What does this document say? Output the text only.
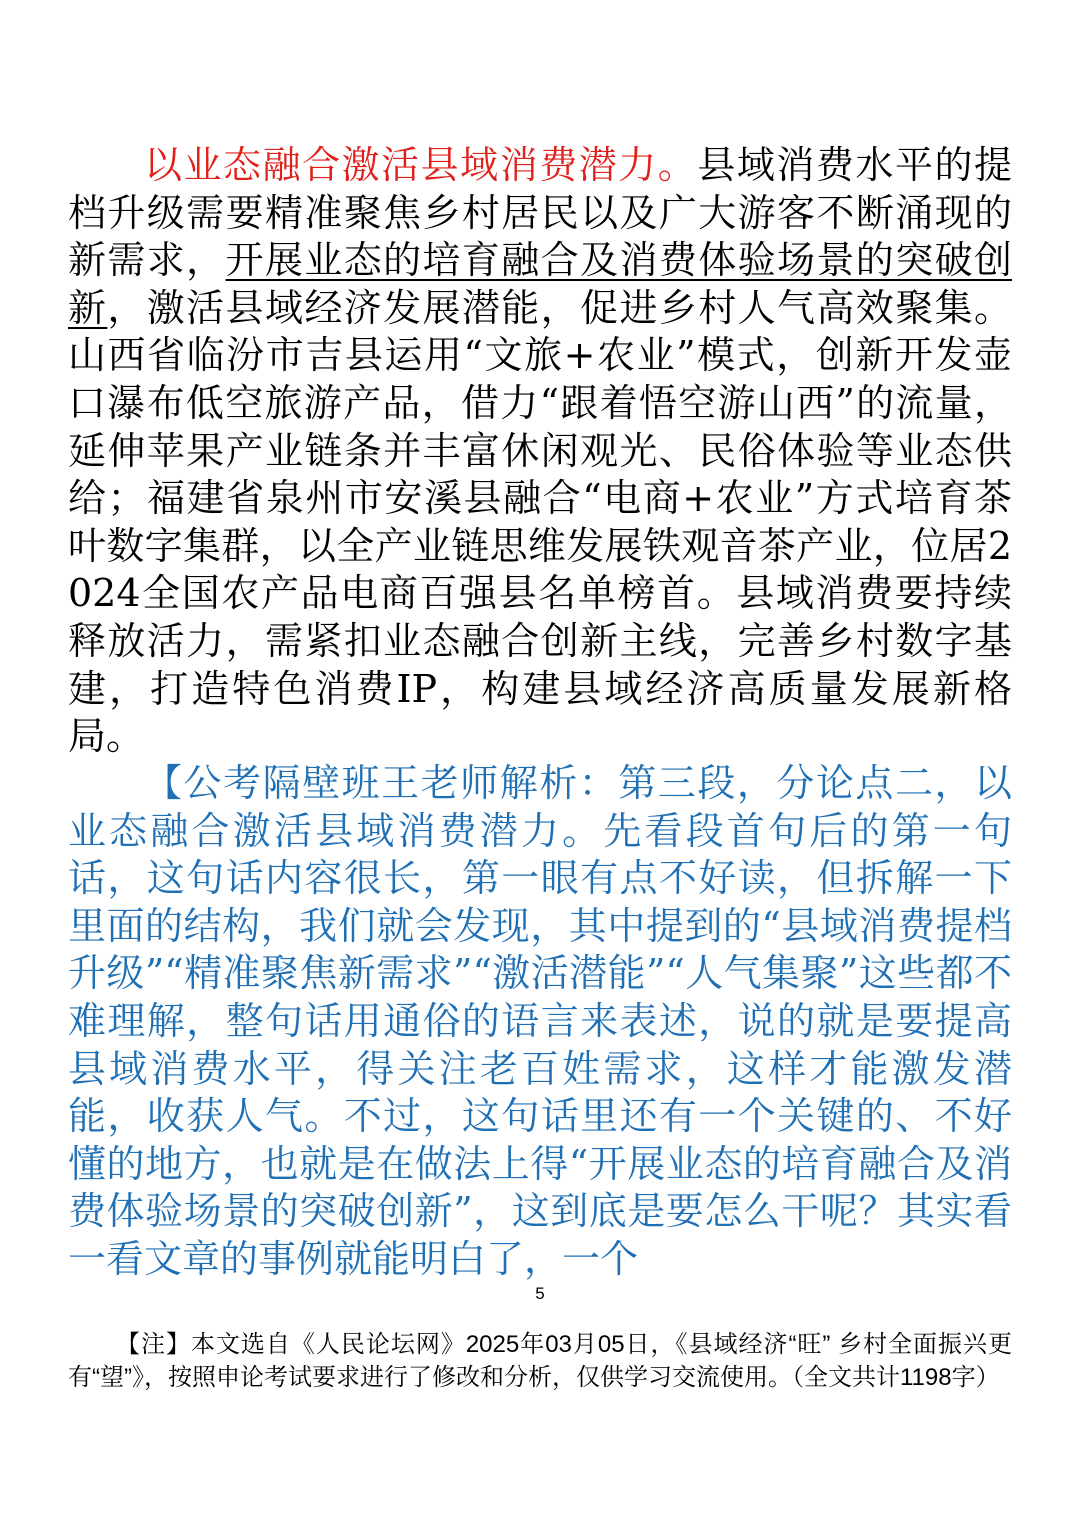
以业态融合激活县域消费潜力。县域消费水平的提档升级需要精准聚焦乡村居民以及广大游客不断涌现的新需求，开展业态的培育融合及消费体验场景的突破创新，激活县域经济发展潜能，促进乡村人气高效聚集。山西省临汾市吉县运用“文旅+农业”模式，创新开发壶口瀑布低空旅游产品，借力“跟着悟空游山西”的流量，延伸苹果产业链条并丰富休闲观光、民俗体验等业态供给；福建省泉州市安溪县融合“电商+农业”方式培育茶叶数字集群，以全产业链思维发展铁观音茶产业，位居2024全国农产品电商百强县名单榜首。县域消费要持续释放活力，需紧扣业态融合创新主线，完善乡村数字基建，打造特色消费IP，构建县域经济高质量发展新格局。

【公考隔壁班王老师解析：第三段，分论点二，以业态融合激活县域消费潜力。先看段首句后的第一句话，这句话内容很长，第一眼有点不好读，但拆解一下里面的结构，我们就会发现，其中提到的“县域消费提档升级”“精准聚焦新需求”“激活潜能”“人气集聚”这些都不难理解，整句话用通俗的语言来表述，说的就是要提高县域消费水平，得关注老百姓需求，这样才能激发潜能，收获人气。不过，这句话里还有一个关键的、不好懂的地方，也就是在做法上得“开展业态的培育融合及消费体验场景的突破创新”，这到底是要怎么干呢？其实看一看文章的事例就能明白了，一个

5

【注】本文选自《人民论坛网》2025年03月05日，《县域经济“旺” 乡村全面振兴更有“望”》，按照申论考试要求进行了修改和分析，仅供学习交流使用。（全文共计1198字）
